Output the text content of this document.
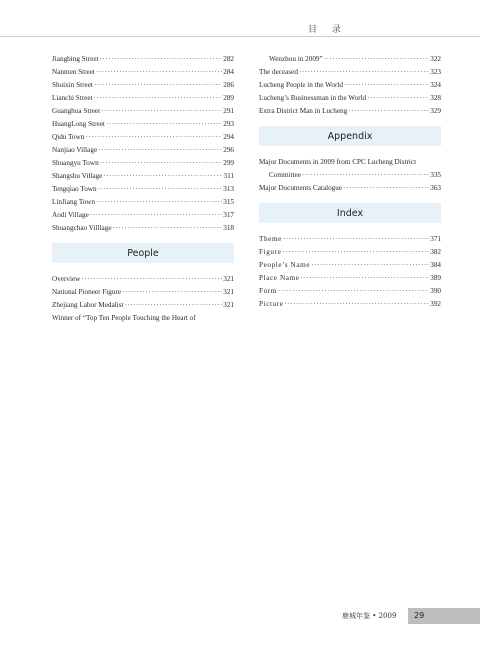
目 录
Jiangbing Street ·····	282
Nanmen Street ·····	284
Shuixin Street ·····	286
Lianchi Street ·····	289
Guanghua Street ·····	291
HuangLong Street ·····	293
Qidu Town ·····	294
Nanjiao Village ·····	296
Shuangyu Town ·····	299
Shangshu Village ·····	311
Tengqiao Town ·····	313
LinJiang Town ·····	315
Aodi Village ·····	317
Shuangchao Villlage ·····	318
People
Overview ·····	321
National Pioneer Figure ·····	321
Zhejiang Labor Medalist ·····	321
Winner of “Top Ten People Touching the Heart of
Wenzhou in 2009” ·····	322
The deceased ·····	323
Lucheng People in the World ·····	324
Lucheng’s Businessman in the World ·····	328
Extra District Man in Lucheng ·····	329
Appendix
Major Documents in 2009 from CPC Lucheng District
Committee ·····	335
Major Documents Catalogue ·····	363
Index
Theme ·····	371
Figure ·····	382
People’s Name ·····	384
Place Name ·····	389
Form ·····	390
Picture ·····	392
鹿城年鉴 • 2009	29
